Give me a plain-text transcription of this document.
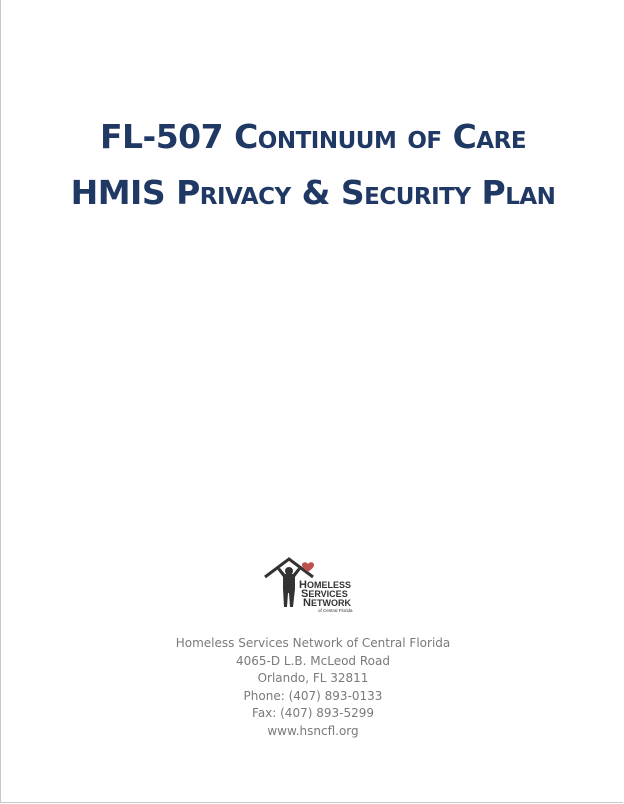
FL-507 Continuum of Care
HMIS Privacy & Security Plan
HOMELESS
SERVICES
NETWORK
of Central Florida
Homeless Services Network of Central Florida
4065-D L.B. McLeod Road
Orlando, FL 32811
Phone: (407) 893-0133
Fax: (407) 893-5299
www.hsncfl.org
